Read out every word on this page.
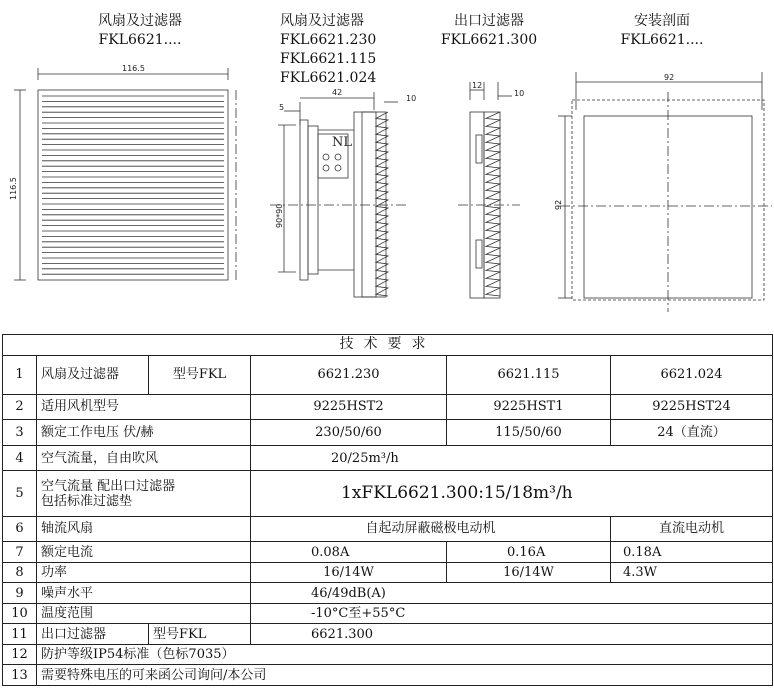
风扇及过滤器
FKL6621....
风扇及过滤器
FKL6621.230
FKL6621.115
FKL6621.024
出口过滤器
FKL6621.300
安装剖面
FKL6621....
116.5
116.5
5
42
10
90*90
NL
12
10
92
92
技术要求					
1	风扇及过滤器	型号FKL	6621.230	6621.115	6621.024
2	适用风机型号		9225HST2	9225HST1	9225HST24
3	额定工作电压 伏/赫		230/50/60	115/50/60	24（直流）
4	空气流量，自由吹风		20/25m³/h		
5	空气流量 配出口过滤器
包括标准过滤垫		1xFKL6621.300:15/18m³/h		
6	轴流风扇		自起动屏蔽磁极电动机		直流电动机
7	额定电流		0.08A	0.16A	0.18A
8	功率		16/14W	16/14W	4.3W
9	噪声水平		46/49dB(A)		
10	温度范围		-10°C至+55°C		
11	出口过滤器	型号FKL	6621.300		
12	防护等级IP54标准（色标7035）				
13	需要特殊电压的可来函公司询问/本公司				
